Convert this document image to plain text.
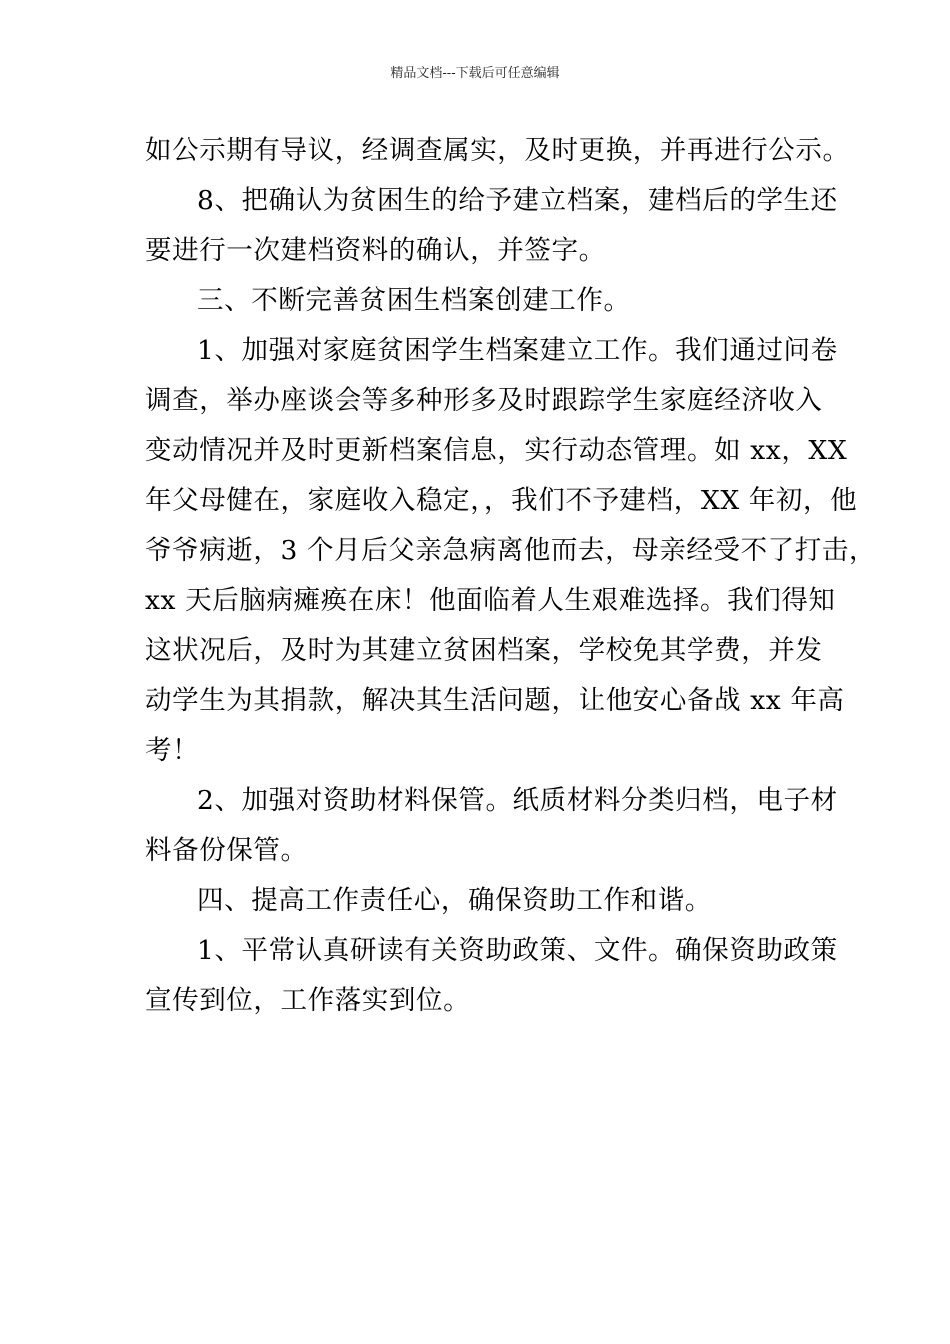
精品文档---下载后可任意编辑
如公示期有导议，经调查属实，及时更换，并再进行公示。
8、把确认为贫困生的给予建立档案，建档后的学生还
要进行一次建档资料的确认，并签字。
三、不断完善贫困生档案创建工作。
1、加强对家庭贫困学生档案建立工作。我们通过问卷
调查，举办座谈会等多种形多及时跟踪学生家庭经济收入
变动情况并及时更新档案信息，实行动态管理。如 xx，XX
年父母健在，家庭收入稳定，，我们不予建档，XX 年初，他
爷爷病逝，3 个月后父亲急病离他而去，母亲经受不了打击，
xx 天后脑病瘫痪在床！他面临着人生艰难选择。我们得知
这状况后，及时为其建立贫困档案，学校免其学费，并发
动学生为其捐款，解决其生活问题，让他安心备战 xx 年高
考！
2、加强对资助材料保管。纸质材料分类归档，电子材
料备份保管。
四、提高工作责任心，确保资助工作和谐。
1、平常认真研读有关资助政策、文件。确保资助政策
宣传到位，工作落实到位。
